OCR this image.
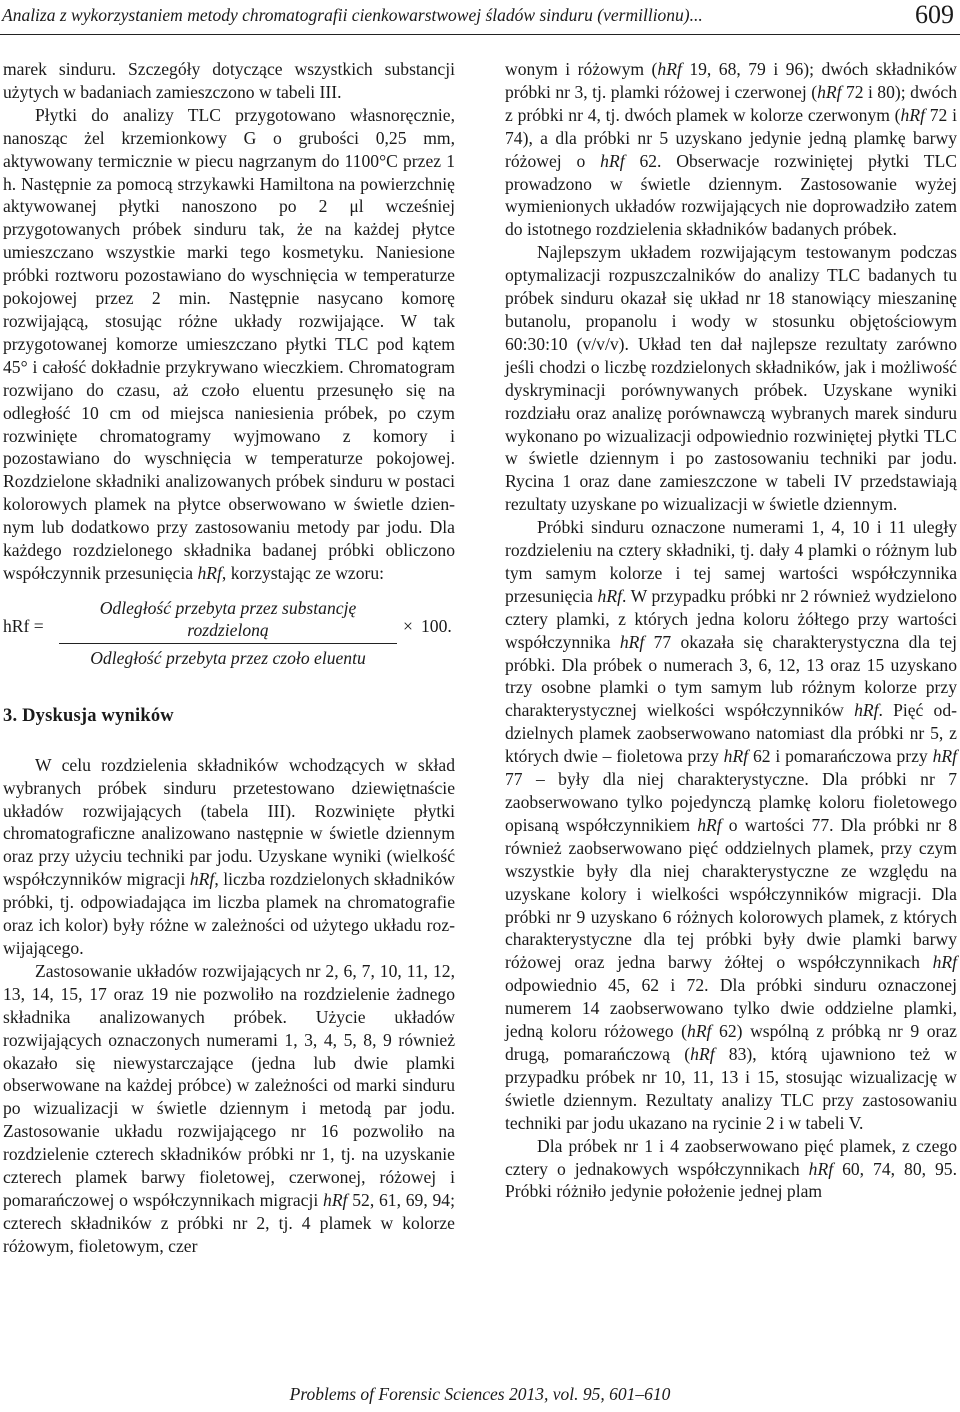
Analiza z wykorzystaniem metody chromatografii cienkowarstwowej śladów sinduru (vermillionu)...	609

marek sinduru. Szczegóły dotyczące wszystkich substancji użytych w badaniach zamieszczono w tabeli III.

Płytki do analizy TLC przygotowano własnoręcznie, nanosząc żel krzemionkowy G o grubości 0,25 mm, aktywowany termicznie w piecu nagrzanym do 1100°C przez 1 h. Następnie za pomocą strzykawki Hamiltona na powierzchnię aktywowanej płytki nanoszono po 2 μl wcześniej przygotowanych próbek sinduru tak, że na każdej płytce umieszczano wszystkie marki tego kosmetyku. Naniesione próbki roztworu pozostawiano do wyschnięcia w temperaturze pokojowej przez 2 min. Następnie nasycano komorę rozwijającą, stosując różne układy rozwijające. W tak przygotowanej komorze umieszczano płytki TLC pod kątem 45° i całość dokładnie przykrywano wieczkiem. Chromatogram rozwijano do czasu, aż czoło eluentu przesunęło się na odległość 10 cm od miejsca naniesienia próbek, po czym rozwinięte chromatogramy wyjmowano z komory i pozostawiano do wyschnięcia w temperaturze pokojowej. Rozdzielone składniki analizowanych próbek sinduru w postaci kolorowych plamek na płytce obserwowano w świetle dziennym lub dodatkowo przy zastosowaniu metody par jodu. Dla każdego rozdzielonego składnika badanej próbki obliczono współczynnik przesunięcia hRf, korzystając ze wzoru:

hRf =
Odległość przebyta przez substancję rozdzieloną
Odległość przebyta przez czoło eluentu
× 100.
3. Dyskusja wyników

W celu rozdzielenia składników wchodzących w skład wybranych próbek sinduru przetestowano dziewiętnaście układów rozwijających (tabela III). Rozwinięte płytki chromatograficzne analizowano następnie w świetle dziennym oraz przy użyciu techniki par jodu. Uzyskane wyniki (wielkość współczynników migracji hRf, liczba rozdzielonych składników próbki, tj. odpowiadająca im liczba plamek na chromatografie oraz ich kolor) były różne w zależności od użytego układu rozwijającego.

Zastosowanie układów rozwijających nr 2, 6, 7, 10, 11, 12, 13, 14, 15, 17 oraz 19 nie pozwoliło na rozdzielenie żadnego składnika analizowanych próbek. Użycie układów rozwijających oznaczonych numerami 1, 3, 4, 5, 8, 9 również okazało się niewystarczające (jedna lub dwie plamki obserwowane na każdej próbce) w zależności od marki sinduru po wizualizacji w świetle dziennym i metodą par jodu. Zastosowanie układu rozwijającego nr 16 pozwoliło na rozdzielenie czterech składników próbki nr 1, tj. na uzyskanie czterech plamek barwy fioletowej, czerwonej, różowej i pomarańczowej o współczynnikach migracji hRf 52, 61, 69, 94; czterech składników z próbki nr 2, tj. 4 plamek w kolorze różowym, fioletowym, czer

wonym i różowym (hRf 19, 68, 79 i 96); dwóch składników próbki nr 3, tj. plamki różowej i czerwonej (hRf 72 i 80); dwóch z próbki nr 4, tj. dwóch plamek w kolorze czerwonym (hRf 72 i 74), a dla próbki nr 5 uzyskano jedynie jedną plamkę barwy różowej o hRf 62. Obserwacje rozwiniętej płytki TLC prowadzono w świetle dziennym. Zastosowanie wyżej wymienionych układów rozwijających nie doprowadziło zatem do istotnego rozdzielenia składników badanych próbek.

Najlepszym układem rozwijającym testowanym podczas optymalizacji rozpuszczalników do analizy TLC badanych tu próbek sinduru okazał się układ nr 18 stanowiący mieszaninę butanolu, propanolu i wody w stosunku objętościowym 60:30:10 (v/v/v). Układ ten dał najlepsze rezultaty zarówno jeśli chodzi o liczbę rozdzielonych składników, jak i możliwość dyskryminacji porównywanych próbek. Uzyskane wyniki rozdziału oraz analizę porównawczą wybranych marek sinduru wykonano po wizualizacji odpowiednio rozwiniętej płytki TLC w świetle dziennym i po zastosowaniu techniki par jodu. Rycina 1 oraz dane zamieszczone w tabeli IV przedstawiają rezultaty uzyskane po wizualizacji w świetle dziennym.

Próbki sinduru oznaczone numerami 1, 4, 10 i 11 uległy rozdzieleniu na cztery składniki, tj. dały 4 plamki o różnym lub tym samym kolorze i tej samej wartości współczynnika przesunięcia hRf. W przypadku próbki nr 2 również wydzielono cztery plamki, z których jedna koloru żółtego przy wartości współczynnika hRf 77 okazała się charakterystyczna dla tej próbki. Dla próbek o numerach 3, 6, 12, 13 oraz 15 uzyskano trzy osobne plamki o tym samym lub różnym kolorze przy charakterystycznej wielkości współczynników hRf. Pięć oddzielnych plamek zaobserwowano natomiast dla próbki nr 5, z których dwie – fioletowa przy hRf 62 i pomarańczowa przy hRf 77 – były dla niej charakterystyczne. Dla próbki nr 7 zaobserwowano tylko pojedynczą plamkę koloru fioletowego opisaną współczynnikiem hRf o wartości 77. Dla próbki nr 8 również zaobserwowano pięć oddzielnych plamek, przy czym wszystkie były dla niej charakterystyczne ze względu na uzyskane kolory i wielkości współczynników migracji. Dla próbki nr 9 uzyskano 6 różnych kolorowych plamek, z których charakterystyczne dla tej próbki były dwie plamki barwy różowej oraz jedna barwy żółtej o współczynnikach hRf odpowiednio 45, 62 i 72. Dla próbki sinduru oznaczonej numerem 14 zaobserwowano tylko dwie oddzielne plamki, jedną koloru różowego (hRf 62) wspólną z próbką nr 9 oraz drugą, pomarańczową (hRf 83), którą ujawniono też w przypadku próbek nr 10, 11, 13 i 15, stosując wizualizację w świetle dziennym. Rezultaty analizy TLC przy zastosowaniu techniki par jodu ukazano na rycinie 2 i w tabeli V.

Dla próbek nr 1 i 4 zaobserwowano pięć plamek, z czego cztery o jednakowych współczynnikach hRf 60, 74, 80, 95. Próbki różniło jedynie położenie jednej plam

Problems of Forensic Sciences 2013, vol. 95, 601–610
